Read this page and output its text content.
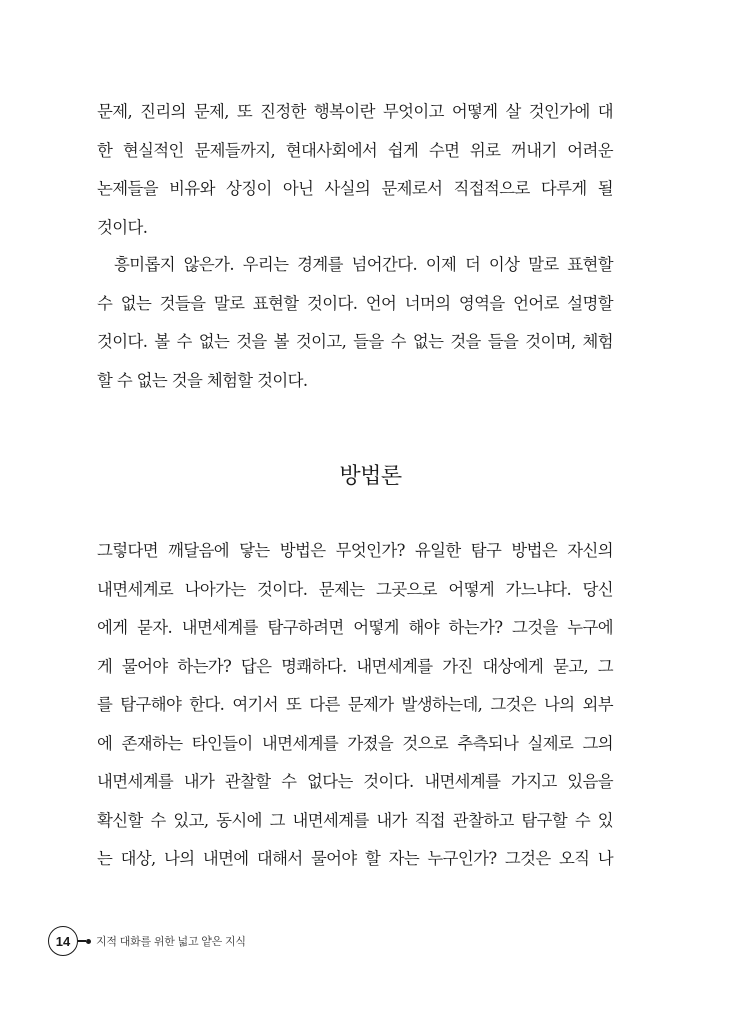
문제, 진리의 문제, 또 진정한 행복이란 무엇이고 어떻게 살 것인가에 대
한 현실적인 문제들까지, 현대사회에서 쉽게 수면 위로 꺼내기 어려운
논제들을 비유와 상징이 아닌 사실의 문제로서 직접적으로 다루게 될
것이다.
흥미롭지 않은가. 우리는 경계를 넘어간다. 이제 더 이상 말로 표현할
수 없는 것들을 말로 표현할 것이다. 언어 너머의 영역을 언어로 설명할
것이다. 볼 수 없는 것을 볼 것이고, 들을 수 없는 것을 들을 것이며, 체험
할 수 없는 것을 체험할 것이다.
방법론
그렇다면 깨달음에 닿는 방법은 무엇인가? 유일한 탐구 방법은 자신의
내면세계로 나아가는 것이다. 문제는 그곳으로 어떻게 가느냐다. 당신
에게 묻자. 내면세계를 탐구하려면 어떻게 해야 하는가? 그것을 누구에
게 물어야 하는가? 답은 명쾌하다. 내면세계를 가진 대상에게 묻고, 그
를 탐구해야 한다. 여기서 또 다른 문제가 발생하는데, 그것은 나의 외부
에 존재하는 타인들이 내면세계를 가졌을 것으로 추측되나 실제로 그의
내면세계를 내가 관찰할 수 없다는 것이다. 내면세계를 가지고 있음을
확신할 수 있고, 동시에 그 내면세계를 내가 직접 관찰하고 탐구할 수 있
는 대상, 나의 내면에 대해서 물어야 할 자는 누구인가? 그것은 오직 나
14	지적 대화를 위한 넓고 얕은 지식
